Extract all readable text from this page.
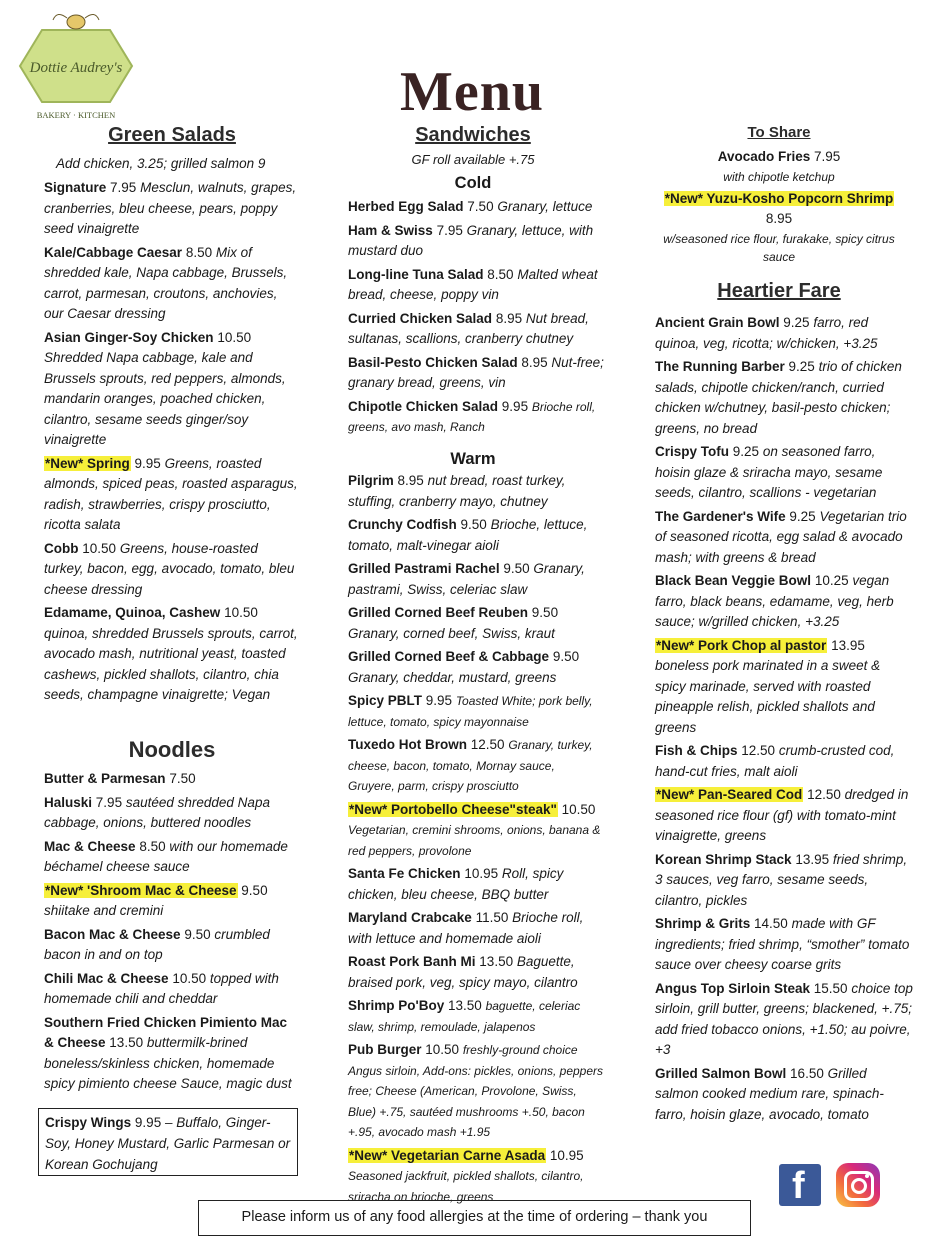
Dottie Audrey's
BAKERY · KITCHEN	Menu
Green Salads
Add chicken, 3.25; grilled salmon 9
Signature 7.95 Mesclun, walnuts, grapes, cranberries, bleu cheese, pears, poppy seed vinaigrette
Kale/Cabbage Caesar 8.50 Mix of shredded kale, Napa cabbage, Brussels, carrot, parmesan, croutons, anchovies, our Caesar dressing
Asian Ginger-Soy Chicken 10.50 Shredded Napa cabbage, kale and Brussels sprouts, red peppers, almonds, mandarin oranges, poached chicken, cilantro, sesame seeds ginger/soy vinaigrette
*New* Spring 9.95 Greens, roasted almonds, spiced peas, roasted asparagus, radish, strawberries, crispy prosciutto, ricotta salata
Cobb 10.50 Greens, house-roasted turkey, bacon, egg, avocado, tomato, bleu cheese dressing
Edamame, Quinoa, Cashew 10.50 quinoa, shredded Brussels sprouts, carrot, avocado mash, nutritional yeast, toasted cashews, pickled shallots, cilantro, chia seeds, champagne vinaigrette; Vegan
Noodles
Butter & Parmesan 7.50
Haluski 7.95 sautéed shredded Napa cabbage, onions, buttered noodles
Mac & Cheese 8.50 with our homemade béchamel cheese sauce
*New* 'Shroom Mac & Cheese 9.50 shiitake and cremini
Bacon Mac & Cheese 9.50 crumbled bacon in and on top
Chili Mac & Cheese 10.50 topped with homemade chili and cheddar
Southern Fried Chicken Pimiento Mac & Cheese 13.50 buttermilk-brined boneless/skinless chicken, homemade spicy pimiento cheese Sauce, magic dust
Crispy Wings 9.95 – Buffalo, Ginger-Soy, Honey Mustard, Garlic Parmesan or Korean Gochujang
Sandwiches
GF roll available +.75
Cold
Herbed Egg Salad 7.50 Granary, lettuce
Ham & Swiss 7.95 Granary, lettuce, with mustard duo
Long-line Tuna Salad 8.50 Malted wheat bread, cheese, poppy vin
Curried Chicken Salad 8.95 Nut bread, sultanas, scallions, cranberry chutney
Basil-Pesto Chicken Salad 8.95 Nut-free; granary bread, greens, vin
Chipotle Chicken Salad 9.95 Brioche roll, greens, avo mash, Ranch
Warm
Pilgrim 8.95 nut bread, roast turkey, stuffing, cranberry mayo, chutney
Crunchy Codfish 9.50 Brioche, lettuce, tomato, malt-vinegar aioli
Grilled Pastrami Rachel 9.50 Granary, pastrami, Swiss, celeriac slaw
Grilled Corned Beef Reuben 9.50 Granary, corned beef, Swiss, kraut
Grilled Corned Beef & Cabbage 9.50 Granary, cheddar, mustard, greens
Spicy PBLT 9.95 Toasted White; pork belly, lettuce, tomato, spicy mayonnaise
Tuxedo Hot Brown 12.50 Granary, turkey, cheese, bacon, tomato, Mornay sauce, Gruyere, parm, crispy prosciutto
*New* Portobello Cheese"steak" 10.50 Vegetarian, cremini shrooms, onions, banana & red peppers, provolone
Santa Fe Chicken 10.95 Roll, spicy chicken, bleu cheese, BBQ butter
Maryland Crabcake 11.50 Brioche roll, with lettuce and homemade aioli
Roast Pork Banh Mi 13.50 Baguette, braised pork, veg, spicy mayo, cilantro
Shrimp Po'Boy 13.50 baguette, celeriac slaw, shrimp, remoulade, jalapenos
Pub Burger 10.50 freshly-ground choice Angus sirloin, Add-ons: pickles, onions, peppers free; Cheese (American, Provolone, Swiss, Blue) +.75, sautéed mushrooms +.50, bacon +.95, avocado mash +1.95
*New* Vegetarian Carne Asada 10.95 Seasoned jackfruit, pickled shallots, cilantro, sriracha on brioche, greens
To Share
Avocado Fries 7.95
with chipotle ketchup
*New* Yuzu-Kosho Popcorn Shrimp 8.95
w/seasoned rice flour, furakake, spicy citrus sauce
Heartier Fare
Ancient Grain Bowl 9.25 farro, red quinoa, veg, ricotta; w/chicken, +3.25
The Running Barber 9.25 trio of chicken salads, chipotle chicken/ranch, curried chicken w/chutney, basil-pesto chicken; greens, no bread
Crispy Tofu 9.25 on seasoned farro, hoisin glaze & sriracha mayo, sesame seeds, cilantro, scallions - vegetarian
The Gardener's Wife 9.25 Vegetarian trio of seasoned ricotta, egg salad & avocado mash; with greens & bread
Black Bean Veggie Bowl 10.25 vegan farro, black beans, edamame, veg, herb sauce; w/grilled chicken, +3.25
*New* Pork Chop al pastor 13.95 boneless pork marinated in a sweet & spicy marinade, served with roasted pineapple relish, pickled shallots and greens
Fish & Chips 12.50 crumb-crusted cod, hand-cut fries, malt aioli
*New* Pan-Seared Cod 12.50 dredged in seasoned rice flour (gf) with tomato-mint vinaigrette, greens
Korean Shrimp Stack 13.95 fried shrimp, 3 sauces, veg farro, sesame seeds, cilantro, pickles
Shrimp & Grits 14.50 made with GF ingredients; fried shrimp, “smother” tomato sauce over cheesy coarse grits
Angus Top Sirloin Steak 15.50 choice top sirloin, grill butter, greens; blackened, +.75; add fried tobacco onions, +1.50; au poivre, +3
Grilled Salmon Bowl 16.50 Grilled salmon cooked medium rare, spinach-farro, hoisin glaze, avocado, tomato
f
Please inform us of any food allergies at the time of ordering – thank you
